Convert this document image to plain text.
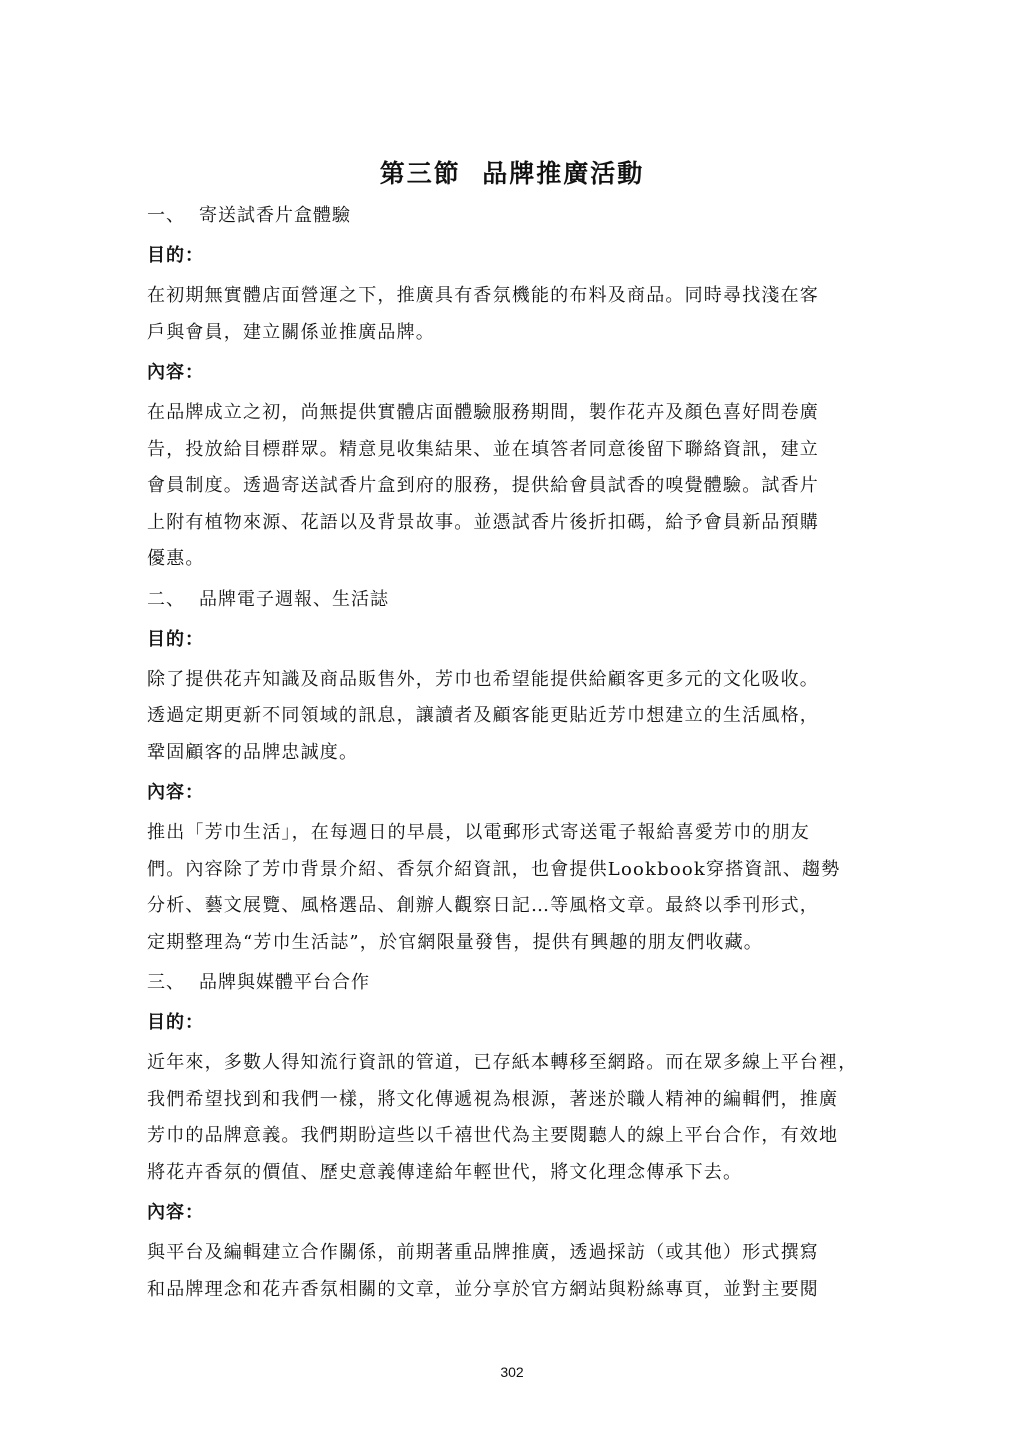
第三節  品牌推廣活動
一、 寄送試香片盒體驗
目的：
在初期無實體店面營運之下，推廣具有香氛機能的布料及商品。同時尋找淺在客
戶與會員，建立關係並推廣品牌。
內容：
在品牌成立之初，尚無提供實體店面體驗服務期間，製作花卉及顏色喜好問卷廣
告，投放給目標群眾。精意見收集結果、並在填答者同意後留下聯絡資訊，建立
會員制度。透過寄送試香片盒到府的服務，提供給會員試香的嗅覺體驗。試香片
上附有植物來源、花語以及背景故事。並憑試香片後折扣碼，給予會員新品預購
優惠。
二、 品牌電子週報、生活誌
目的：
除了提供花卉知識及商品販售外，芳巾也希望能提供給顧客更多元的文化吸收。
透過定期更新不同領域的訊息，讓讀者及顧客能更貼近芳巾想建立的生活風格，
鞏固顧客的品牌忠誠度。
內容：
推出「芳巾生活」，在每週日的早晨，以電郵形式寄送電子報給喜愛芳巾的朋友
們。內容除了芳巾背景介紹、香氛介紹資訊，也會提供Lookbook穿搭資訊、趨勢
分析、藝文展覽、風格選品、創辦人觀察日記…等風格文章。最終以季刊形式，
定期整理為“芳巾生活誌”，於官網限量發售，提供有興趣的朋友們收藏。
三、 品牌與媒體平台合作
目的：
近年來，多數人得知流行資訊的管道，已存紙本轉移至網路。而在眾多線上平台裡，
我們希望找到和我們一樣，將文化傳遞視為根源，著迷於職人精神的編輯們，推廣
芳巾的品牌意義。我們期盼這些以千禧世代為主要閱聽人的線上平台合作，有效地
將花卉香氛的價值、歷史意義傳達給年輕世代，將文化理念傳承下去。
內容：
與平台及編輯建立合作關係，前期著重品牌推廣，透過採訪（或其他）形式撰寫
和品牌理念和花卉香氛相關的文章，並分享於官方網站與粉絲專頁，並對主要閱
302
